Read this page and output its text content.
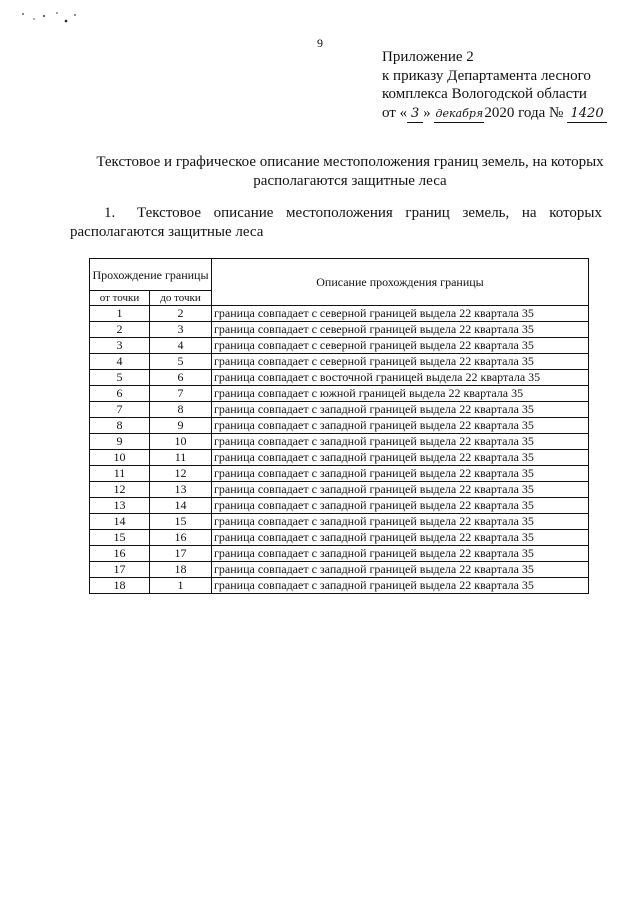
9
Приложение 2
к приказу Департамента лесного
комплекса Вологодской области
от « 3 » декабря2020 года № 1420
Текстовое и графическое описание местоположения границ земель, на которых располагаются защитные леса
1. Текстовое описание местоположения границ земель, на которых располагаются защитные леса
Прохождение границы		Описание прохождения границы
от точки	до точки	
1	2	граница совпадает с северной границей выдела 22 квартала 35
2	3	граница совпадает с северной границей выдела 22 квартала 35
3	4	граница совпадает с северной границей выдела 22 квартала 35
4	5	граница совпадает с северной границей выдела 22 квартала 35
5	6	граница совпадает с восточной границей выдела 22 квартала 35
6	7	граница совпадает с южной границей выдела 22 квартала 35
7	8	граница совпадает с западной границей выдела 22 квартала 35
8	9	граница совпадает с западной границей выдела 22 квартала 35
9	10	граница совпадает с западной границей выдела 22 квартала 35
10	11	граница совпадает с западной границей выдела 22 квартала 35
11	12	граница совпадает с западной границей выдела 22 квартала 35
12	13	граница совпадает с западной границей выдела 22 квартала 35
13	14	граница совпадает с западной границей выдела 22 квартала 35
14	15	граница совпадает с западной границей выдела 22 квартала 35
15	16	граница совпадает с западной границей выдела 22 квартала 35
16	17	граница совпадает с западной границей выдела 22 квартала 35
17	18	граница совпадает с западной границей выдела 22 квартала 35
18	1	граница совпадает с западной границей выдела 22 квартала 35
